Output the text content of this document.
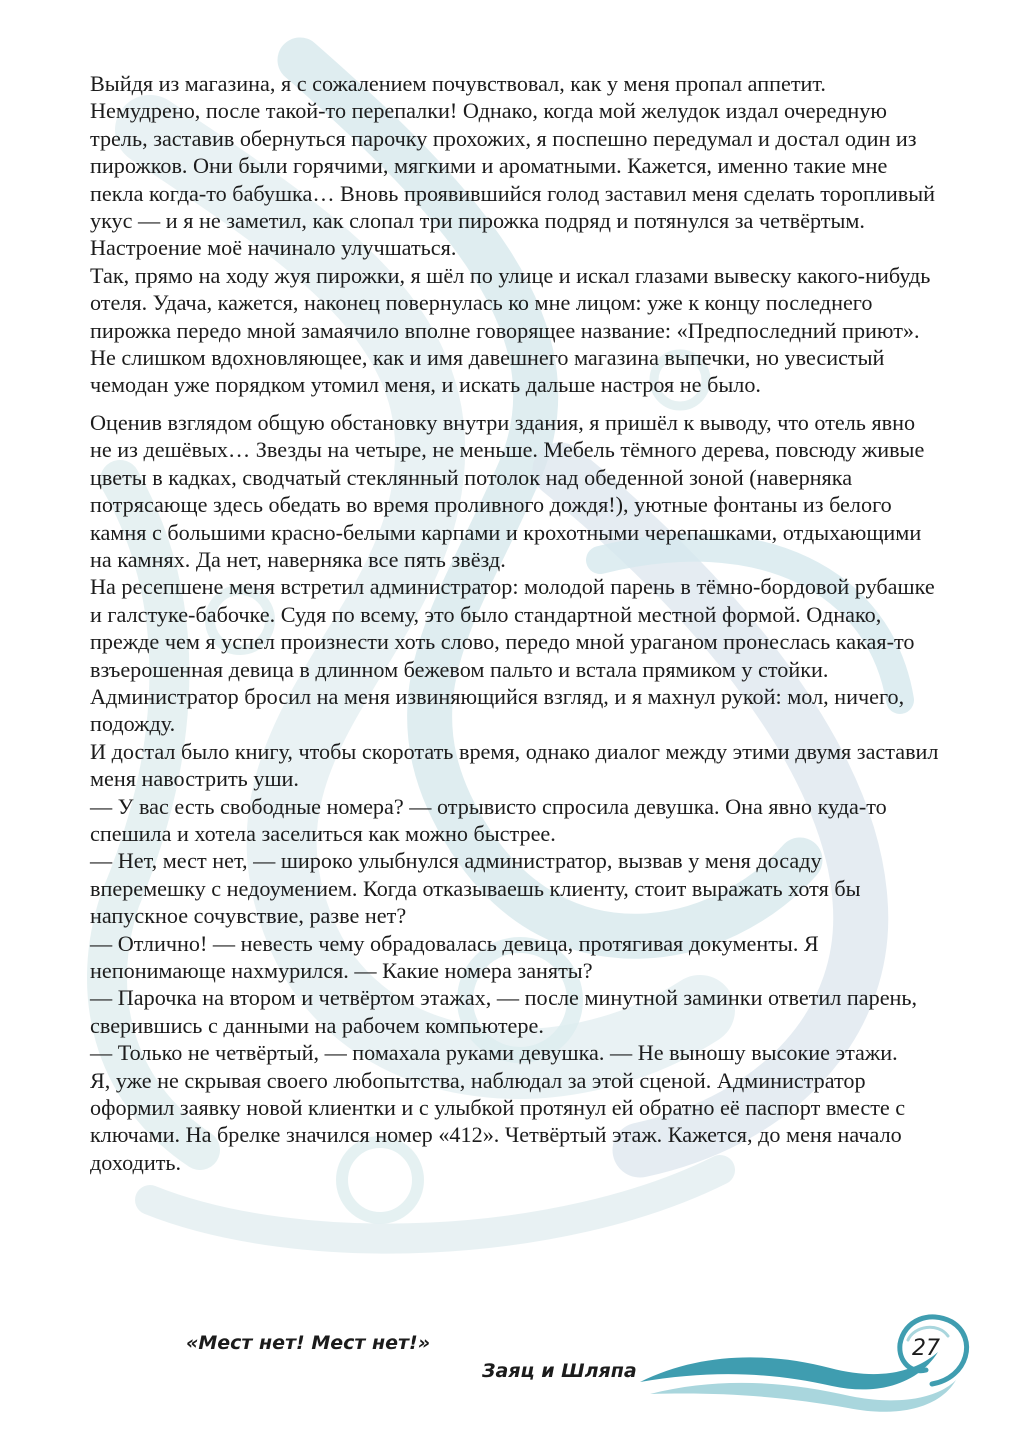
Выйдя из магазина, я с сожалением почувствовал, как у меня пропал аппетит. Немудрено, после такой-то перепалки! Однако, когда мой желудок издал очередную трель, заставив обернуться парочку прохожих, я поспешно передумал и достал один из пирожков. Они были горячими, мягкими и ароматными. Кажется, именно такие мне пекла когда-то бабушка… Вновь проявившийся голод заставил меня сделать торопливый укус — и я не заметил, как слопал три пирожка подряд и потянулся за четвёртым. Настроение моё начинало улучшаться.

Так, прямо на ходу жуя пирожки, я шёл по улице и искал глазами вывеску какого-нибудь отеля. Удача, кажется, наконец повернулась ко мне лицом: уже к концу последнего пирожка передо мной замаячило вполне говорящее название: «Предпоследний приют». Не слишком вдохновляющее, как и имя давешнего магазина выпечки, но увесистый чемодан уже порядком утомил меня, и искать дальше настроя не было.

Оценив взглядом общую обстановку внутри здания, я пришёл к выводу, что отель явно не из дешёвых… Звезды на четыре, не меньше. Мебель тёмного дерева, повсюду живые цветы в кадках, сводчатый стеклянный потолок над обеденной зоной (наверняка потрясающе здесь обедать во время проливного дождя!), уютные фонтаны из белого камня с большими красно-белыми карпами и крохотными черепашками, отдыхающими на камнях. Да нет, наверняка все пять звёзд.

На ресепшене меня встретил администратор: молодой парень в тёмно-бордовой рубашке и галстуке-бабочке. Судя по всему, это было стандартной местной формой. Однако, прежде чем я успел произнести хоть слово, передо мной ураганом пронеслась какая-то взъерошенная девица в длинном бежевом пальто и встала прямиком у стойки. Администратор бросил на меня извиняющийся взгляд, и я махнул рукой: мол, ничего, подожду.

И достал было книгу, чтобы скоротать время, однако диалог между этими двумя заставил меня навострить уши.

— У вас есть свободные номера? — отрывисто спросила девушка. Она явно куда-то спешила и хотела заселиться как можно быстрее.

— Нет, мест нет, — широко улыбнулся администратор, вызвав у меня досаду вперемешку с недоумением. Когда отказываешь клиенту, стоит выражать хотя бы напускное сочувствие, разве нет?

— Отлично! — невесть чему обрадовалась девица, протягивая документы. Я непонимающе нахмурился. — Какие номера заняты?

— Парочка на втором и четвёртом этажах, — после минутной заминки ответил парень, сверившись с данными на рабочем компьютере.

— Только не четвёртый, — помахала руками девушка. — Не выношу высокие этажи.

Я, уже не скрывая своего любопытства, наблюдал за этой сценой. Администратор оформил заявку новой клиентки и с улыбкой протянул ей обратно её паспорт вместе с ключами. На брелке значился номер «412». Четвёртый этаж. Кажется, до меня начало доходить.

«Мест нет! Мест нет!»
Заяц и Шляпа
27
